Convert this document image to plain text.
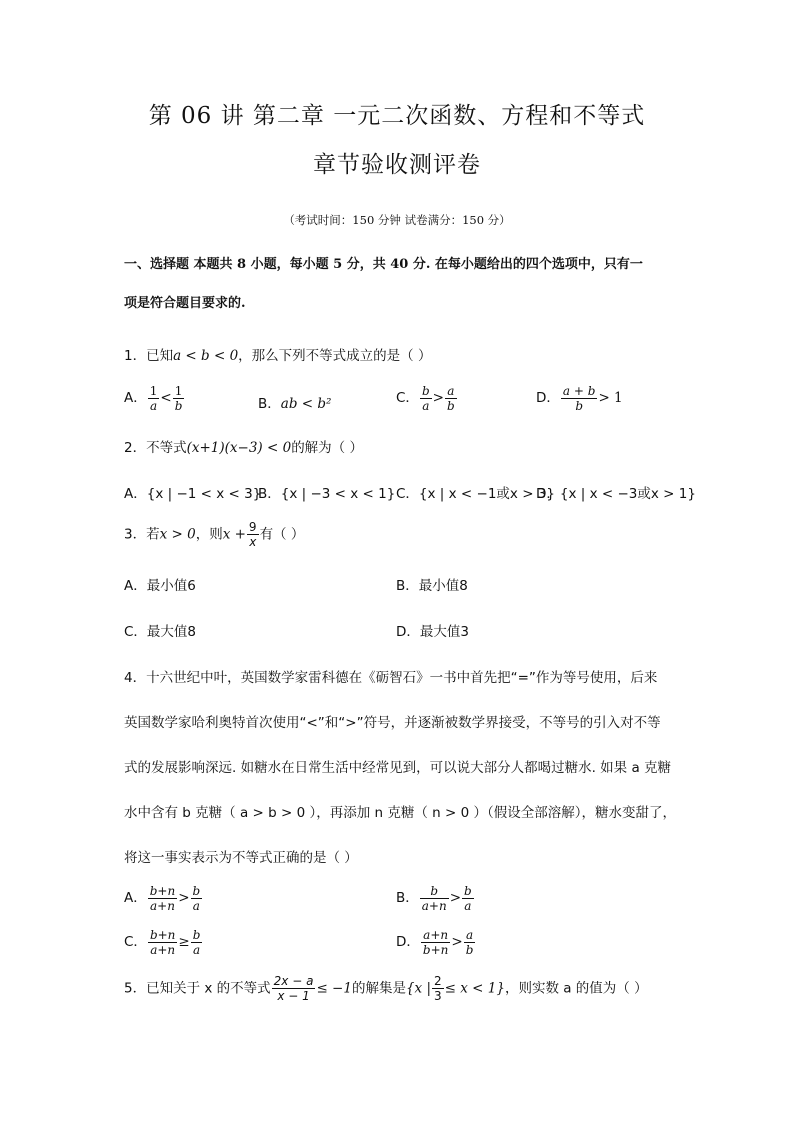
第 06 讲 第二章 一元二次函数、方程和不等式
章节验收测评卷
（考试时间：150 分钟 试卷满分：150 分）
一、选择题 本题共 8 小题，每小题 5 分，共 40 分. 在每小题给出的四个选项中，只有一
项是符合题目要求的.
1．已知a < b < 0，那么下列不等式成立的是（ ）
A． $\frac{1}{a} < \frac{1}{b}$	B．ab < b²	C． $\frac{b}{a} > \frac{a}{b}$	D． $\frac{a + b}{b} > 1$
2．不等式(x+1)(x−3) < 0的解为（ ）
A．{x | −1 < x < 3}
B．{x | −3 < x < 1} C．{x | x < −1或x > 3}
D．{x | x < −3或x > 1}
3．若x > 0，则$x + \frac{9}{x}$ 有（ ）
A．最小值6	B．最小值8
C．最大值8	D．最大值3
4．十六世纪中叶，英国数学家雷科德在《砺智石》一书中首先把“=”作为等号使用，后来
英国数学家哈利奥特首次使用“<”和“>”符号，并逐渐被数学界接受，不等号的引入对不等
式的发展影响深远. 如糖水在日常生活中经常见到，可以说大部分人都喝过糖水. 如果 a 克糖
水中含有 b 克糖（ a > b > 0 ），再添加 n 克糖（ n > 0 ）（假设全部溶解），糖水变甜了，
将这一事实表示为不等式正确的是（ ）
A． $\frac{b+n}{a+n} > \frac{b}{a}$	B． $\frac{b}{a+n} > \frac{b}{a}$
C． $\frac{b+n}{a+n} \ge \frac{b}{a}$	D． $\frac{a+n}{b+n} > \frac{a}{b}$
5．已知关于 x 的不等式 $\frac{2x - a}{x - 1} \le -1$的解集是{x | $\frac{2}{3} \le x < 1$}，则实数 a 的值为（ ）
